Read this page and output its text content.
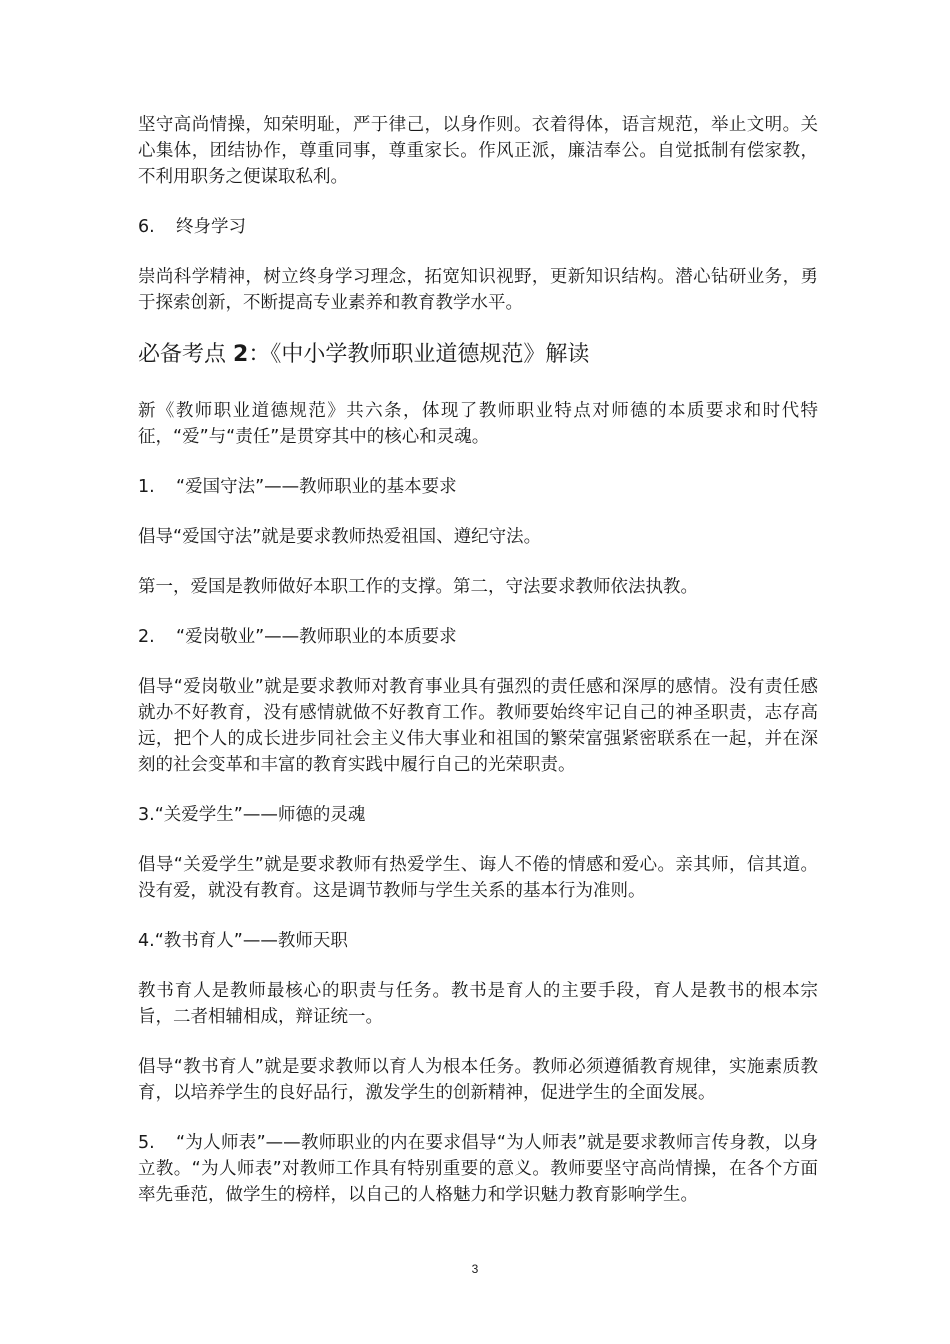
坚守高尚情操，知荣明耻，严于律己，以身作则。衣着得体，语言规范，举止文明。关心集体，团结协作，尊重同事，尊重家长。作风正派，廉洁奉公。自觉抵制有偿家教，不利用职务之便谋取私利。

6. 终身学习

崇尚科学精神，树立终身学习理念，拓宽知识视野，更新知识结构。潜心钻研业务，勇于探索创新，不断提高专业素养和教育教学水平。

必备考点 2：《中小学教师职业道德规范》解读

新《教师职业道德规范》共六条，体现了教师职业特点对师德的本质要求和时代特征，“爱”与“责任”是贯穿其中的核心和灵魂。

1. “爱国守法”——教师职业的基本要求

倡导“爱国守法”就是要求教师热爱祖国、遵纪守法。

第一，爱国是教师做好本职工作的支撑。第二，守法要求教师依法执教。

2. “爱岗敬业”——教师职业的本质要求

倡导“爱岗敬业”就是要求教师对教育事业具有强烈的责任感和深厚的感情。没有责任感就办不好教育，没有感情就做不好教育工作。教师要始终牢记自己的神圣职责，志存高远，把个人的成长进步同社会主义伟大事业和祖国的繁荣富强紧密联系在一起，并在深刻的社会变革和丰富的教育实践中履行自己的光荣职责。

3.“关爱学生”——师德的灵魂

倡导“关爱学生”就是要求教师有热爱学生、诲人不倦的情感和爱心。亲其师，信其道。没有爱，就没有教育。这是调节教师与学生关系的基本行为准则。

4.“教书育人”——教师天职

教书育人是教师最核心的职责与任务。教书是育人的主要手段，育人是教书的根本宗旨，二者相辅相成，辩证统一。

倡导“教书育人”就是要求教师以育人为根本任务。教师必须遵循教育规律，实施素质教育，以培养学生的良好品行，激发学生的创新精神，促进学生的全面发展。

5. “为人师表”——教师职业的内在要求倡导“为人师表”就是要求教师言传身教，以身立教。“为人师表”对教师工作具有特别重要的意义。教师要坚守高尚情操，在各个方面率先垂范，做学生的榜样，以自己的人格魅力和学识魅力教育影响学生。

3
